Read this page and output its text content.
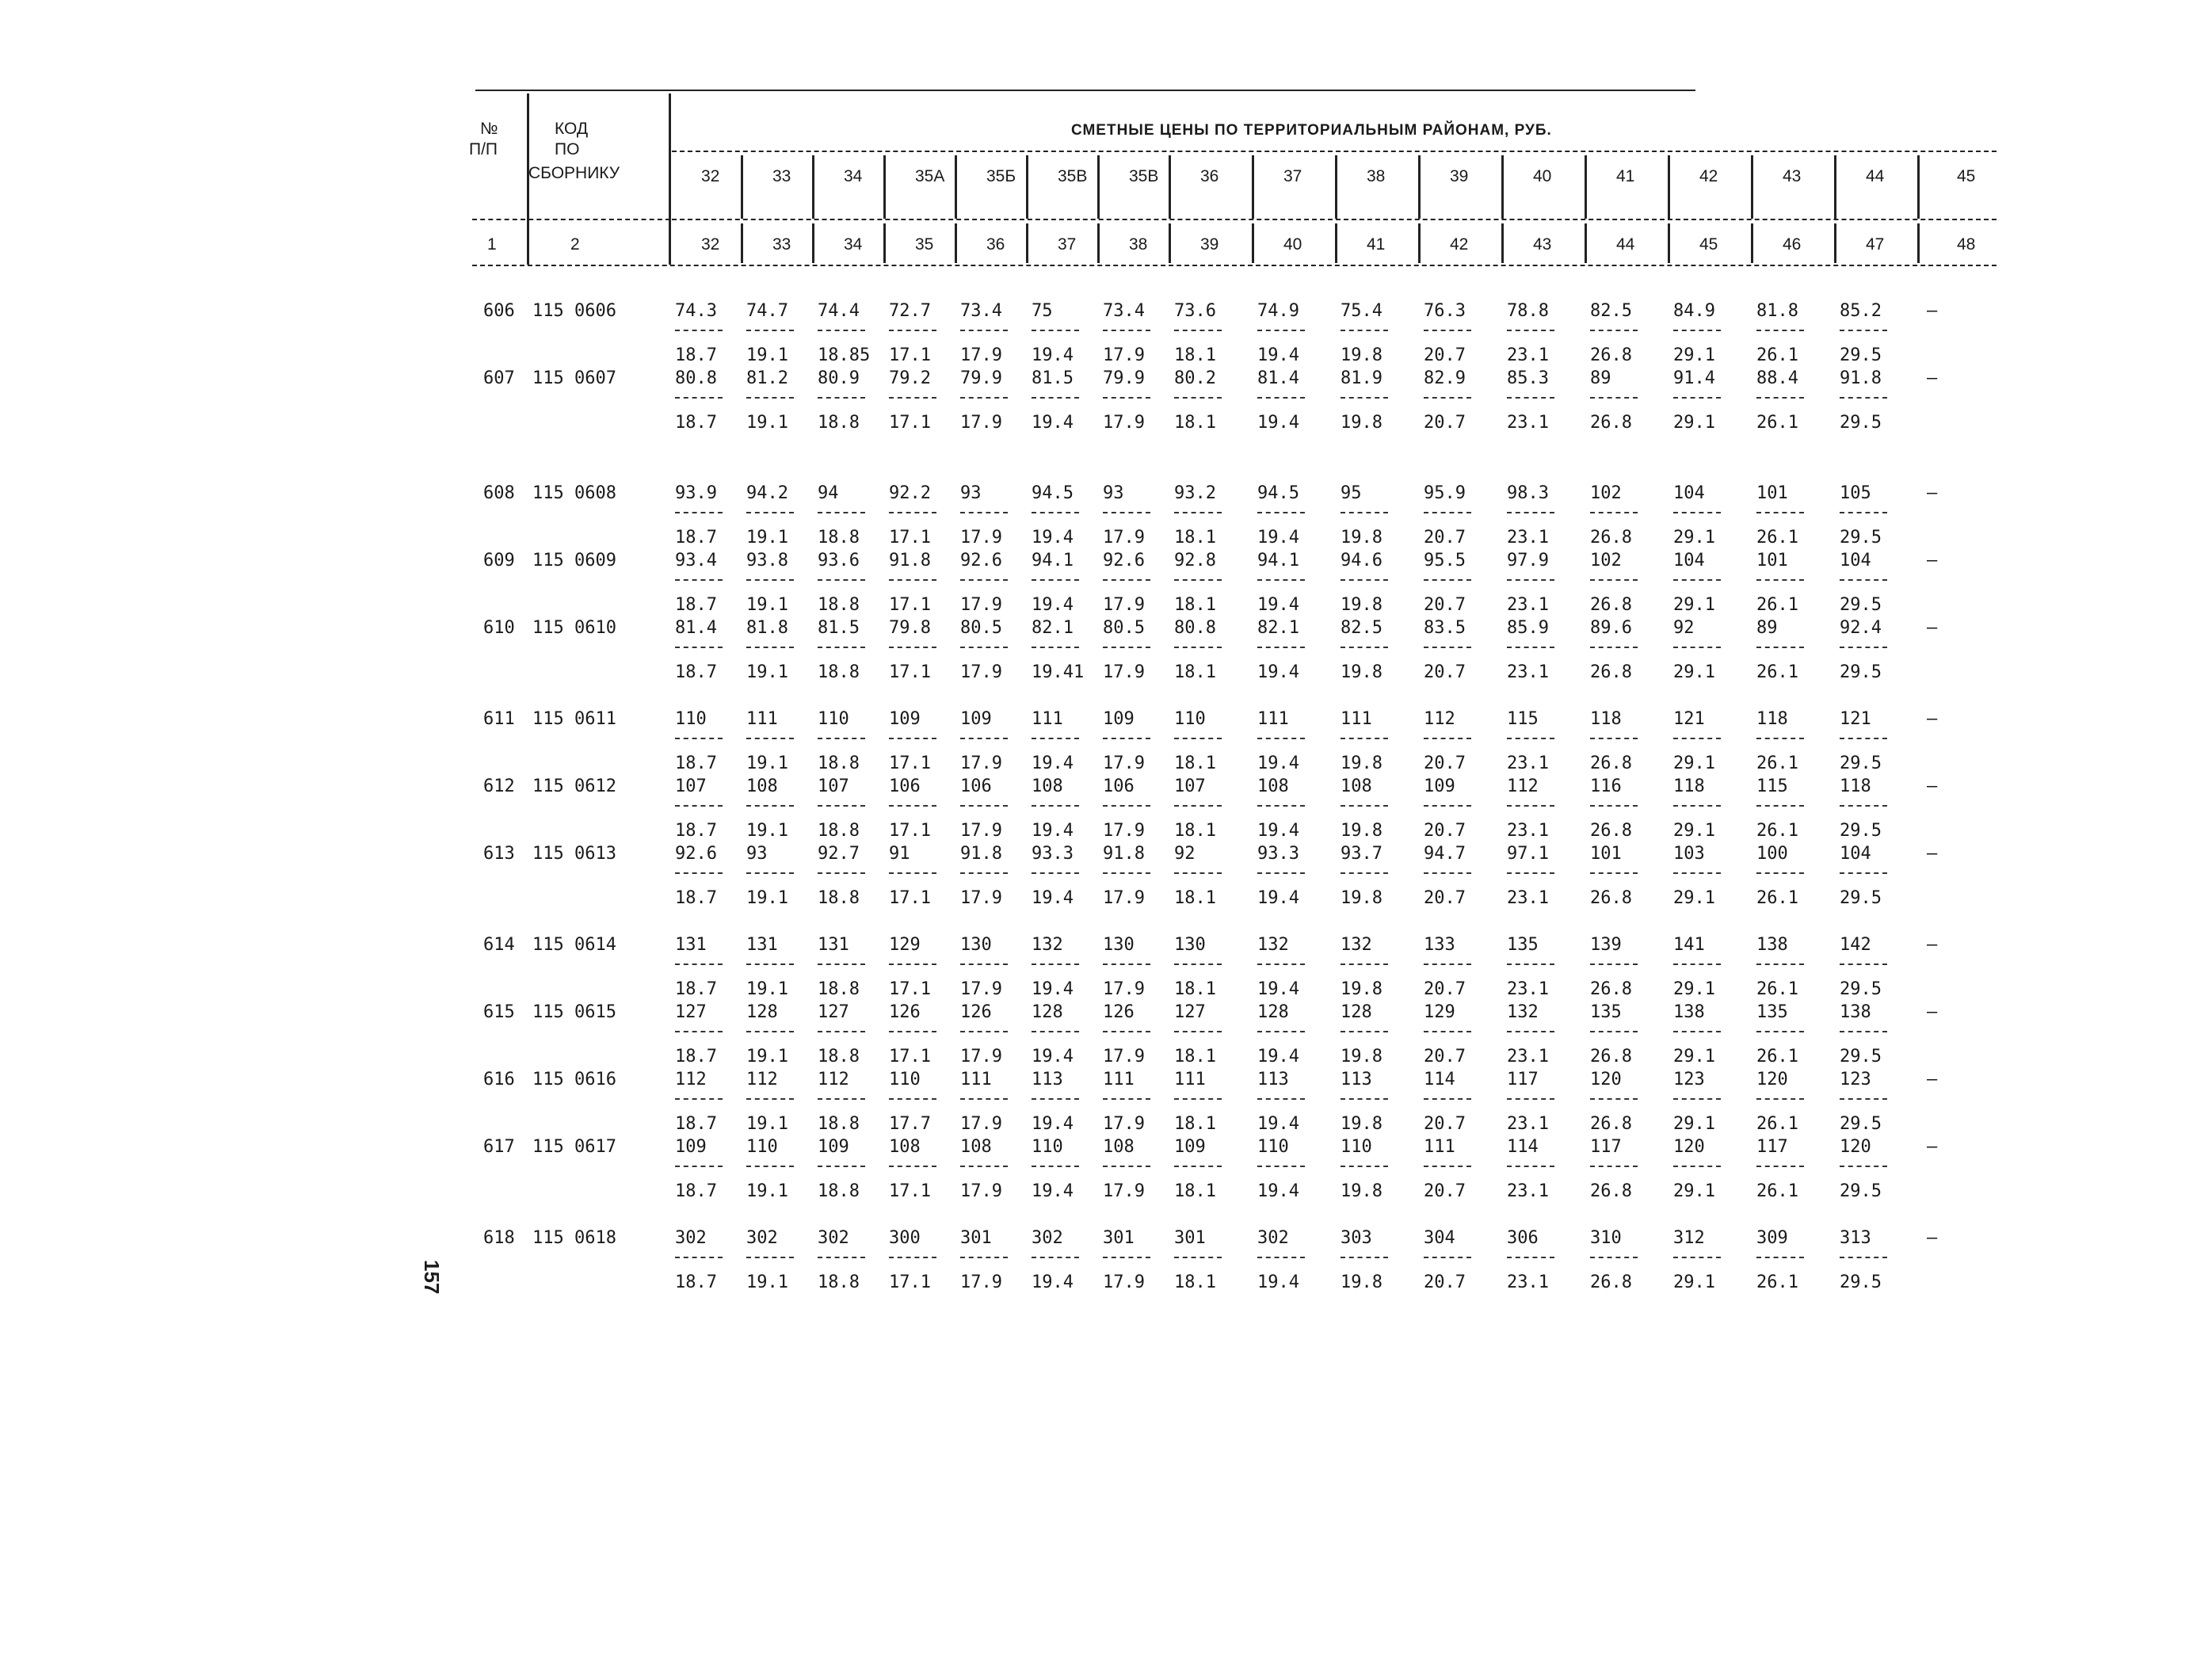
№
П/П
КОД
ПО
СБОРНИКУ
СМЕТНЫЕ ЦЕНЫ ПО ТЕРРИТОРИАЛЬНЫМ РАЙОНАМ, РУБ.
32	33	34	35А	35Б	35В	35В	36	37	38	39	40	41	42	43	44	45
1	2	32	33	34	35	36	37	38	39	40	41	42	43	44	45	46	47	48
606 115 0606	74.3 74.7 74.4 72.7 73.4 75	73.4 73.6 74.9 75.4 76.3 78.8 82.5 84.9 81.8 85.2	–
18.7 19.1 18.85 17.1 17.9 19.4 17.9 18.1 19.4 19.8 20.7 23.1 26.8 29.1 26.1 29.5
607 115 0607	80.8 81.2 80.9 79.2 79.9 81.5 79.9 80.2 81.4 81.9 82.9 85.3 89	91.4 88.4 91.8	–
18.7 19.1 18.8 17.1 17.9 19.4 17.9 18.1 19.4 19.8 20.7 23.1 26.8 29.1 26.1 29.5
608 115 0608	93.9 94.2 94	92.2 93	94.5 93	93.2 94.5 95	95.9 98.3 102	104	101	105	–
18.7 19.1 18.8 17.1 17.9 19.4 17.9 18.1 19.4 19.8 20.7 23.1 26.8 29.1 26.1 29.5
609 115 0609	93.4 93.8 93.6 91.8 92.6 94.1 92.6 92.8 94.1 94.6 95.5 97.9 102	104	101	104	–
18.7 19.1 18.8 17.1 17.9 19.4 17.9 18.1 19.4 19.8 20.7 23.1 26.8 29.1 26.1 29.5
610 115 0610	81.4 81.8 81.5 79.8 80.5 82.1 80.5 80.8 82.1 82.5 83.5 85.9 89.6 92	89	92.4	–
18.7 19.1 18.8 17.1 17.9 19.41 17.9 18.1 19.4 19.8 20.7 23.1 26.8 29.1 26.1 29.5
611 115 0611	110 111 110 109 109 111 109 110	111	111	112	115	118	121	118	121	–
18.7 19.1 18.8 17.1 17.9 19.4 17.9 18.1 19.4 19.8 20.7 23.1 26.8 29.1 26.1 29.5
612 115 0612	107 108 107 106 106 108 106 107	108	108	109	112	116	118	115	118	–
18.7 19.1 18.8 17.1 17.9 19.4 17.9 18.1 19.4 19.8 20.7 23.1 26.8 29.1 26.1 29.5
613 115 0613	92.6 93	92.7 91	91.8 93.3 91.8 92	93.3 93.7 94.7 97.1 101	103	100	104	–
18.7 19.1 18.8 17.1 17.9 19.4 17.9 18.1 19.4 19.8 20.7 23.1 26.8 29.1 26.1 29.5
614 115 0614	131 131 131 129 130 132 130 130	132	132	133	135	139	141	138	142	–
18.7 19.1 18.8 17.1 17.9 19.4 17.9 18.1 19.4 19.8 20.7 23.1 26.8 29.1 26.1 29.5
615 115 0615	127 128 127 126 126 128 126 127	128	128	129	132	135	138	135	138	–
18.7 19.1 18.8 17.1 17.9 19.4 17.9 18.1 19.4 19.8 20.7 23.1 26.8 29.1 26.1 29.5
616 115 0616	112 112 112 110 111 113 111 111	113	113	114	117	120	123	120	123	–
18.7 19.1 18.8 17.7 17.9 19.4 17.9 18.1 19.4 19.8 20.7 23.1 26.8 29.1 26.1 29.5
617 115 0617	109 110 109 108 108 110 108 109	110	110	111	114	117	120	117	120	–
18.7 19.1 18.8 17.1 17.9 19.4 17.9 18.1 19.4 19.8 20.7 23.1 26.8 29.1 26.1 29.5
618 115 0618	302 302 302 300 301 302 301 301	302	303	304	306	310	312	309	313	–
18.7 19.1 18.8 17.1 17.9 19.4 17.9 18.1 19.4 19.8 20.7 23.1 26.8 29.1 26.1 29.5
157
